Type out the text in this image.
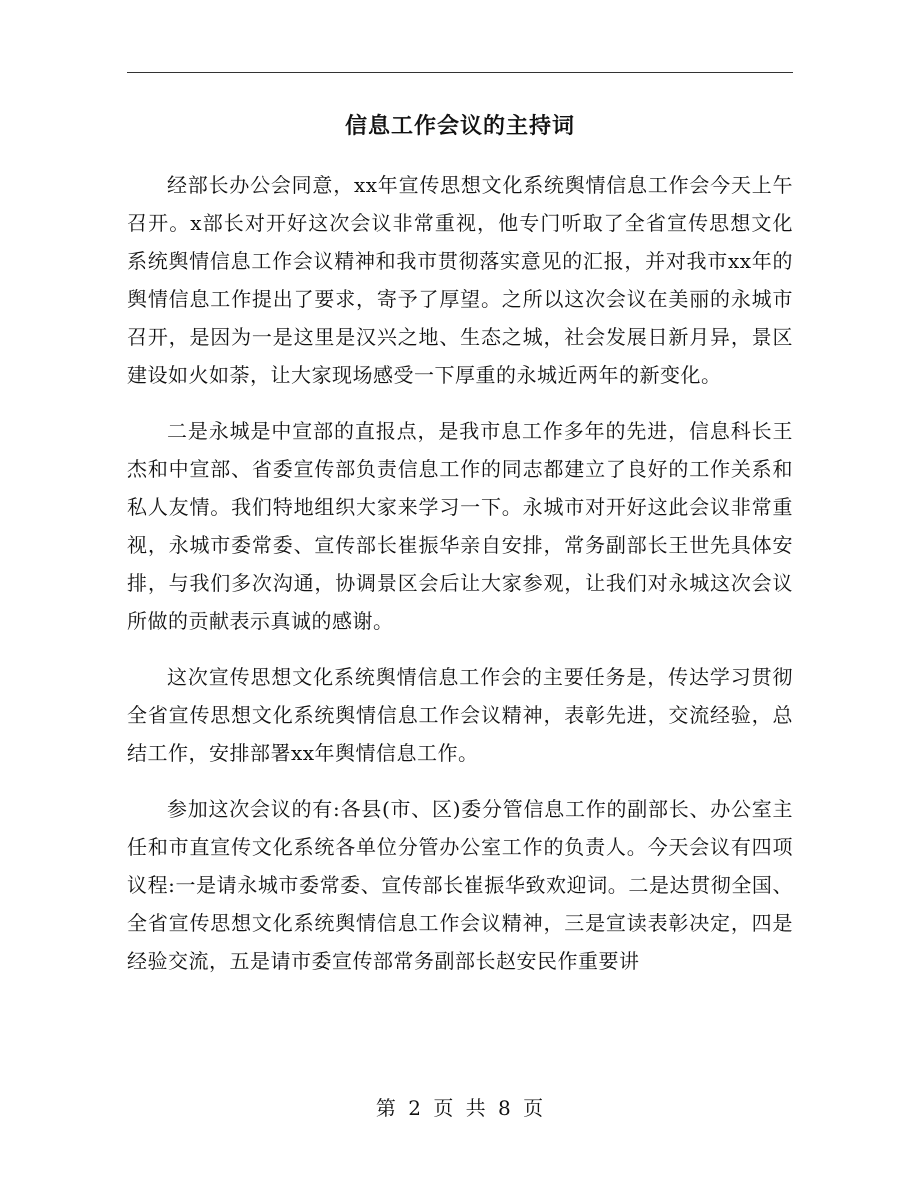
信息工作会议的主持词

经部长办公会同意，xx年宣传思想文化系统舆情信息工作会今天上午召开。x部长对开好这次会议非常重视，他专门听取了全省宣传思想文化系统舆情信息工作会议精神和我市贯彻落实意见的汇报，并对我市xx年的舆情信息工作提出了要求，寄予了厚望。之所以这次会议在美丽的永城市召开，是因为一是这里是汉兴之地、生态之城，社会发展日新月异，景区建设如火如荼，让大家现场感受一下厚重的永城近两年的新变化。

二是永城是中宣部的直报点，是我市息工作多年的先进，信息科长王杰和中宣部、省委宣传部负责信息工作的同志都建立了良好的工作关系和私人友情。我们特地组织大家来学习一下。永城市对开好这此会议非常重视，永城市委常委、宣传部长崔振华亲自安排，常务副部长王世先具体安排，与我们多次沟通，协调景区会后让大家参观，让我们对永城这次会议所做的贡献表示真诚的感谢。

这次宣传思想文化系统舆情信息工作会的主要任务是，传达学习贯彻全省宣传思想文化系统舆情信息工作会议精神，表彰先进，交流经验，总结工作，安排部署xx年舆情信息工作。

参加这次会议的有:各县(市、区)委分管信息工作的副部长、办公室主任和市直宣传文化系统各单位分管办公室工作的负责人。今天会议有四项议程:一是请永城市委常委、宣传部长崔振华致欢迎词。二是达贯彻全国、全省宣传思想文化系统舆情信息工作会议精神，三是宣读表彰决定，四是经验交流，五是请市委宣传部常务副部长赵安民作重要讲

第 2 页 共 8 页
